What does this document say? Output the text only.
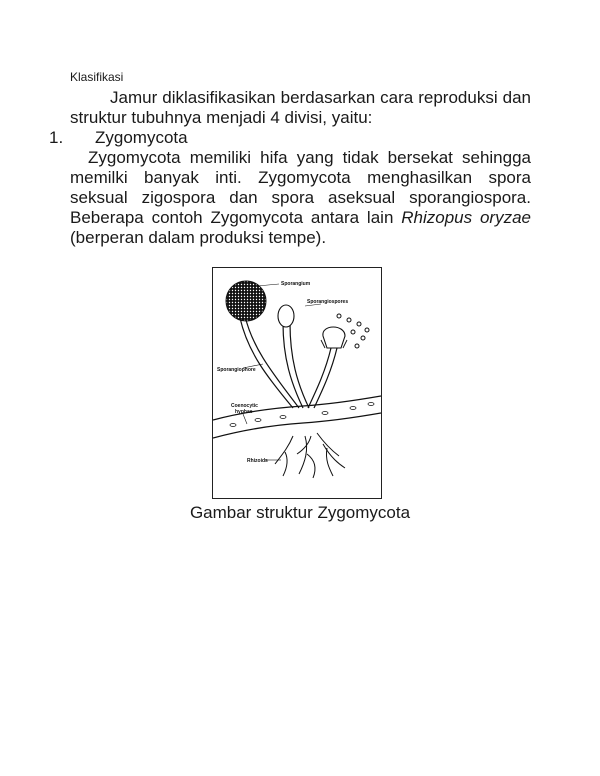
Klasifikasi
Jamur diklasifikasikan berdasarkan cara reproduksi dan struktur tubuhnya menjadi 4 divisi, yaitu:
1. Zygomycota
Zygomycota memiliki hifa yang tidak bersekat sehingga memilki banyak inti. Zygomycota menghasilkan spora seksual zigospora dan spora aseksual sporangiospora. Beberapa contoh Zygomycota antara lain Rhizopus oryzae (berperan dalam produksi tempe).
Sporangium
Sporangiospores
Sporangiophore
Coenocytic
hyphae
Rhizoids
Gambar struktur Zygomycota
